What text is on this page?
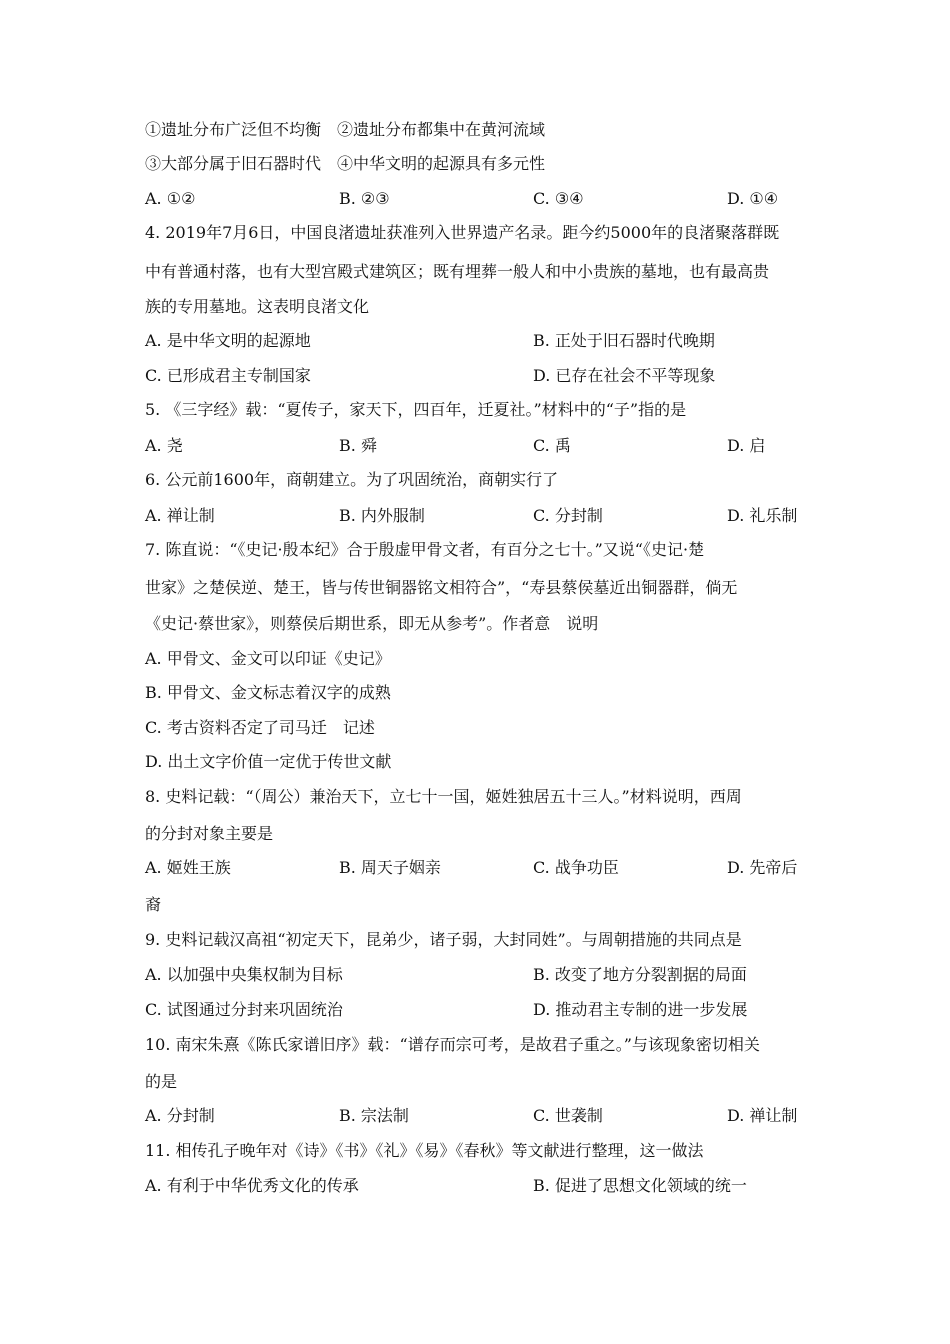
①遗址分布广泛但不均衡　②遗址分布都集中在黄河流域
③大部分属于旧石器时代　④中华文明的起源具有多元性
A. ①②	B. ②③	C. ③④	D. ①④
4. 2019年7月6日，中国良渚遗址获准列入世界遗产名录。距今约5000年的良渚聚落群既
中有普通村落，也有大型宫殿式建筑区；既有埋葬一般人和中小贵族的墓地，也有最高贵
族的专用墓地。这表明良渚文化
A. 是中华文明的起源地	B. 正处于旧石器时代晚期
C. 已形成君主专制国家	D. 已存在社会不平等现象
5. 《三字经》载：“夏传子，家天下，四百年，迁夏社。”材料中的“子”指的是
A. 尧	B. 舜	C. 禹	D. 启
6. 公元前1600年，商朝建立。为了巩固统治，商朝实行了
A. 禅让制	B. 内外服制	C. 分封制	D. 礼乐制
7. 陈直说：“《史记·殷本纪》合于殷虚甲骨文者，有百分之七十。”又说“《史记·楚
世家》之楚侯逆、楚王，皆与传世铜器铭文相符合”，“寿县蔡侯墓近出铜器群，倘无
《史记·蔡世家》，则蔡侯后期世系，即无从参考”。作者意　说明
A. 甲骨文、金文可以印证《史记》
B. 甲骨文、金文标志着汉字的成熟
C. 考古资料否定了司马迁　记述
D. 出土文字价值一定优于传世文献
8. 史料记载：“（周公）兼治天下，立七十一国，姬姓独居五十三人。”材料说明，西周
的分封对象主要是
A. 姬姓王族	B. 周天子姻亲	C. 战争功臣	D. 先帝后
裔
9. 史料记载汉高祖“初定天下，昆弟少，诸子弱，大封同姓”。与周朝措施的共同点是
A. 以加强中央集权制为目标	B. 改变了地方分裂割据的局面
C. 试图通过分封来巩固统治	D. 推动君主专制的进一步发展
10. 南宋朱熹《陈氏家谱旧序》载：“谱存而宗可考，是故君子重之。”与该现象密切相关
的是
A. 分封制	B. 宗法制	C. 世袭制	D. 禅让制
11. 相传孔子晚年对《诗》《书》《礼》《易》《春秋》等文献进行整理，这一做法
A. 有利于中华优秀文化的传承	B. 促进了思想文化领域的统一
